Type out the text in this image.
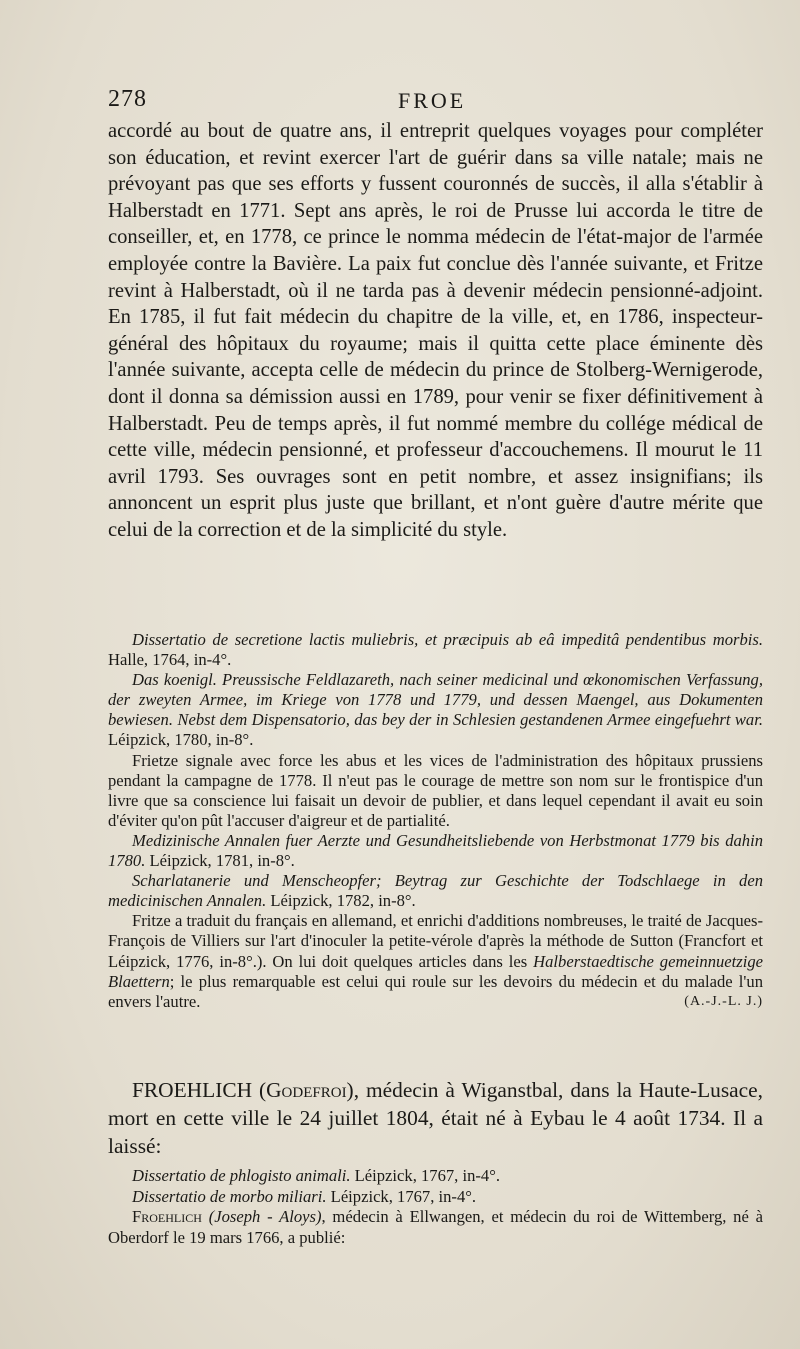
278	FROE

accordé au bout de quatre ans, il entreprit quelques voyages pour compléter son éducation, et revint exercer l'art de guérir dans sa ville natale; mais ne prévoyant pas que ses efforts y fussent couronnés de succès, il alla s'établir à Halberstadt en 1771. Sept ans après, le roi de Prusse lui accorda le titre de conseiller, et, en 1778, ce prince le nomma médecin de l'état-major de l'armée employée contre la Bavière. La paix fut conclue dès l'année suivante, et Fritze revint à Halberstadt, où il ne tarda pas à devenir médecin pensionné-adjoint. En 1785, il fut fait médecin du chapitre de la ville, et, en 1786, inspecteur-général des hôpitaux du royaume; mais il quitta cette place éminente dès l'année suivante, accepta celle de médecin du prince de Stolberg-Wernigerode, dont il donna sa démission aussi en 1789, pour venir se fixer définitivement à Halberstadt. Peu de temps après, il fut nommé membre du collége médical de cette ville, médecin pensionné, et professeur d'accouchemens. Il mourut le 11 avril 1793. Ses ouvrages sont en petit nombre, et assez insignifians; ils annoncent un esprit plus juste que brillant, et n'ont guère d'autre mérite que celui de la correction et de la simplicité du style.

Dissertatio de secretione lactis muliebris, et præcipuis ab eâ impeditâ pendentibus morbis. Halle, 1764, in-4°.

Das koenigl. Preussische Feldlazareth, nach seiner medicinal und œkonomischen Verfassung, der zweyten Armee, im Kriege von 1778 und 1779, und dessen Maengel, aus Dokumenten bewiesen. Nebst dem Dispensatorio, das bey der in Schlesien gestandenen Armee eingefuehrt war. Léipzick, 1780, in-8°.

Frietze signale avec force les abus et les vices de l'administration des hôpitaux prussiens pendant la campagne de 1778. Il n'eut pas le courage de mettre son nom sur le frontispice d'un livre que sa conscience lui faisait un devoir de publier, et dans lequel cependant il avait eu soin d'éviter qu'on pût l'accuser d'aigreur et de partialité.

Medizinische Annalen fuer Aerzte und Gesundheitsliebende von Herbstmonat 1779 bis dahin 1780. Léipzick, 1781, in-8°.

Scharlatanerie und Menscheopfer; Beytrag zur Geschichte der Todschlaege in den medicinischen Annalen. Léipzick, 1782, in-8°.

Fritze a traduit du français en allemand, et enrichi d'additions nombreuses, le traité de Jacques-François de Villiers sur l'art d'inoculer la petite-vérole d'après la méthode de Sutton (Francfort et Léipzick, 1776, in-8°.). On lui doit quelques articles dans les Halberstaedtische gemeinnuetzige Blaettern; le plus remarquable est celui qui roule sur les devoirs du médecin et du malade l'un envers l'autre.	(A.-J.-L. J.)

FROEHLICH (Godefroi), médecin à Wiganstbal, dans la Haute-Lusace, mort en cette ville le 24 juillet 1804, était né à Eybau le 4 août 1734. Il a laissé:

Dissertatio de phlogisto animali. Léipzick, 1767, in-4°.

Dissertatio de morbo miliari. Léipzick, 1767, in-4°.

Froehlich (Joseph - Aloys), médecin à Ellwangen, et médecin du roi de Wittemberg, né à Oberdorf le 19 mars 1766, a publié:
